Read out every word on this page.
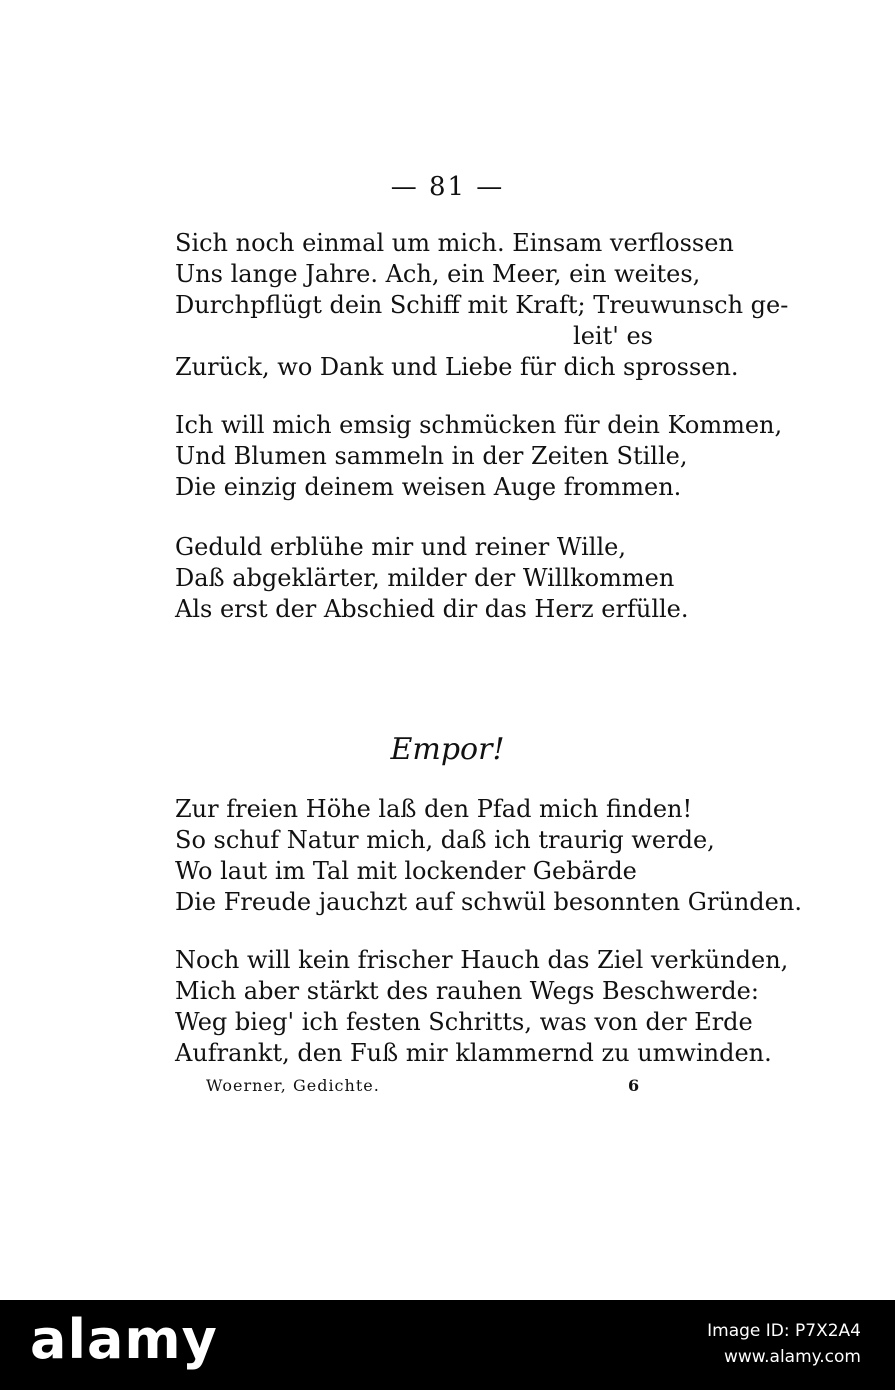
— 81 —
Sich noch einmal um mich. Einsam verflossen
Uns lange Jahre. Ach, ein Meer, ein weites,
Durchpflügt dein Schiff mit Kraft; Treuwunsch ge-
leit' es
Zurück, wo Dank und Liebe für dich sprossen.
Ich will mich emsig schmücken für dein Kommen,
Und Blumen sammeln in der Zeiten Stille,
Die einzig deinem weisen Auge frommen.
Geduld erblühe mir und reiner Wille,
Daß abgeklärter, milder der Willkommen
Als erst der Abschied dir das Herz erfülle.
Empor!
Zur freien Höhe laß den Pfad mich finden!
So schuf Natur mich, daß ich traurig werde,
Wo laut im Tal mit lockender Gebärde
Die Freude jauchzt auf schwül besonnten Gründen.
Noch will kein frischer Hauch das Ziel verkünden,
Mich aber stärkt des rauhen Wegs Beschwerde:
Weg bieg' ich festen Schritts, was von der Erde
Aufrankt, den Fuß mir klammernd zu umwinden.
Woerner, Gedichte.	6
alamy	Image ID: P7X2A4
www.alamy.com
